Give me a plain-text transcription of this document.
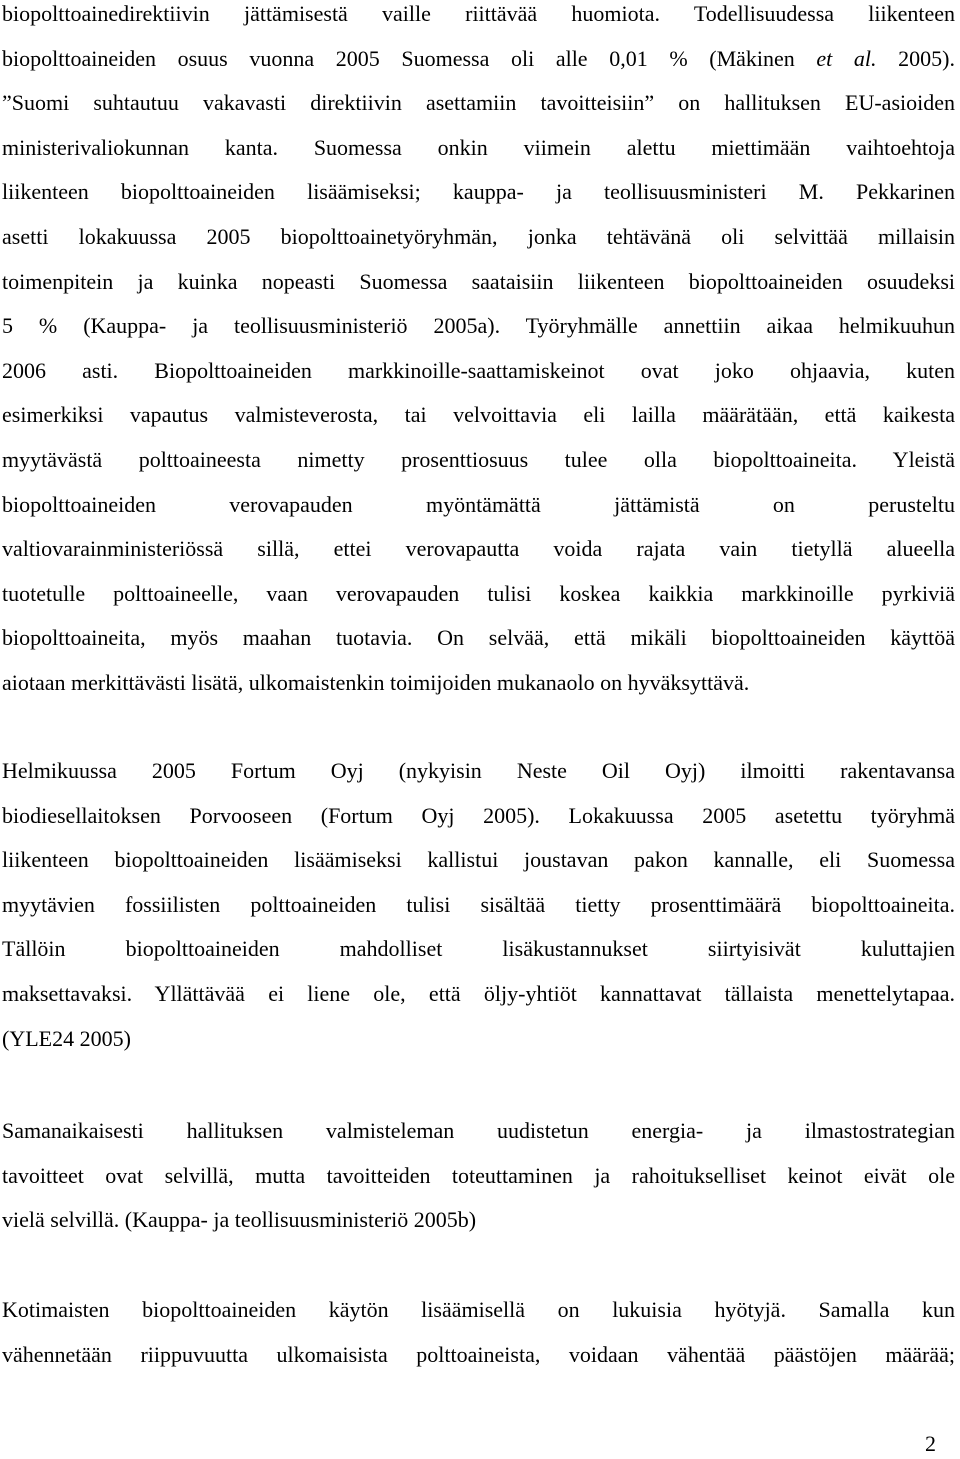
biopolttoainedirektiivin jättämisestä vaille riittävää huomiota. Todellisuudessa liikenteen
biopolttoaineiden osuus vuonna 2005 Suomessa oli alle 0,01 % (Mäkinen et al. 2005).
”Suomi suhtautuu vakavasti direktiivin asettamiin tavoitteisiin” on hallituksen EU-asioiden
ministerivaliokunnan kanta. Suomessa onkin viimein alettu miettimään vaihtoehtoja
liikenteen biopolttoaineiden lisäämiseksi; kauppa- ja teollisuusministeri M. Pekkarinen
asetti lokakuussa 2005 biopolttoainetyöryhmän, jonka tehtävänä oli selvittää millaisin
toimenpitein ja kuinka nopeasti Suomessa saataisiin liikenteen biopolttoaineiden osuudeksi
5 % (Kauppa- ja teollisuusministeriö 2005a). Työryhmälle annettiin aikaa helmikuuhun
2006 asti. Biopolttoaineiden markkinoille-saattamiskeinot ovat joko ohjaavia, kuten
esimerkiksi vapautus valmisteverosta, tai velvoittavia eli lailla määrätään, että kaikesta
myytävästä polttoaineesta nimetty prosenttiosuus tulee olla biopolttoaineita. Yleistä
biopolttoaineiden verovapauden myöntämättä jättämistä on perusteltu
valtiovarainministeriössä sillä, ettei verovapautta voida rajata vain tietyllä alueella
tuotetulle polttoaineelle, vaan verovapauden tulisi koskea kaikkia markkinoille pyrkiviä
biopolttoaineita, myös maahan tuotavia. On selvää, että mikäli biopolttoaineiden käyttöä
aiotaan merkittävästi lisätä, ulkomaistenkin toimijoiden mukanaolo on hyväksyttävä.
Helmikuussa 2005 Fortum Oyj (nykyisin Neste Oil Oyj) ilmoitti rakentavansa
biodiesellaitoksen Porvooseen (Fortum Oyj 2005). Lokakuussa 2005 asetettu työryhmä
liikenteen biopolttoaineiden lisäämiseksi kallistui joustavan pakon kannalle, eli Suomessa
myytävien fossiilisten polttoaineiden tulisi sisältää tietty prosenttimäärä biopolttoaineita.
Tällöin biopolttoaineiden mahdolliset lisäkustannukset siirtyisivät kuluttajien
maksettavaksi. Yllättävää ei liene ole, että öljy-yhtiöt kannattavat tällaista menettelytapaa.
(YLE24 2005)
Samanaikaisesti hallituksen valmisteleman uudistetun energia- ja ilmastostrategian
tavoitteet ovat selvillä, mutta tavoitteiden toteuttaminen ja rahoitukselliset keinot eivät ole
vielä selvillä. (Kauppa- ja teollisuusministeriö 2005b)
Kotimaisten biopolttoaineiden käytön lisäämisellä on lukuisia hyötyjä. Samalla kun
vähennetään riippuvuutta ulkomaisista polttoaineista, voidaan vähentää päästöjen määrää;
2
